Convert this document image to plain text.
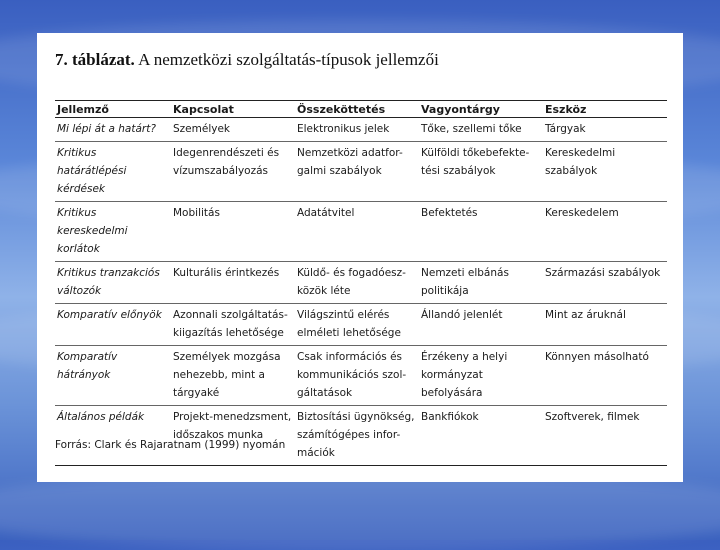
7. táblázat. A nemzetközi szolgáltatás-típusok jellemzői
Jellemző	Kapcsolat	Összeköttetés	Vagyontárgy	Eszköz
Mi lépi át a határt?	Személyek	Elektronikus jelek	Tőke, szellemi tőke	Tárgyak
Kritikus határátlépési kérdések	Idegenrendészeti és vízumszabályozás	Nemzetközi adatfor-galmi szabályok	Külföldi tőkebefekte-tési szabályok	Kereskedelmi szabályok
Kritikus kereskedelmi korlátok	Mobilitás	Adatátvitel	Befektetés	Kereskedelem
Kritikus tranzakciós változók	Kulturális érintkezés	Küldő- és fogadóesz-közök léte	Nemzeti elbánás politikája	Származási szabályok
Komparatív előnyök	Azonnali szolgáltatás-kiigazítás lehetősége	Világszintű elérés elméleti lehetősége	Állandó jelenlét	Mint az áruknál
Komparatív hátrányok	Személyek mozgása nehezebb, mint a tárgyaké	Csak információs és kommunikációs szol-gáltatások	Érzékeny a helyi kormányzat befolyására	Könnyen másolható
Általános példák	Projekt-menedzsment, időszakos munka	Biztosítási ügynökség, számítógépes infor-mációk	Bankfiókok	Szoftverek, filmek
Forrás: Clark és Rajaratnam (1999) nyomán
